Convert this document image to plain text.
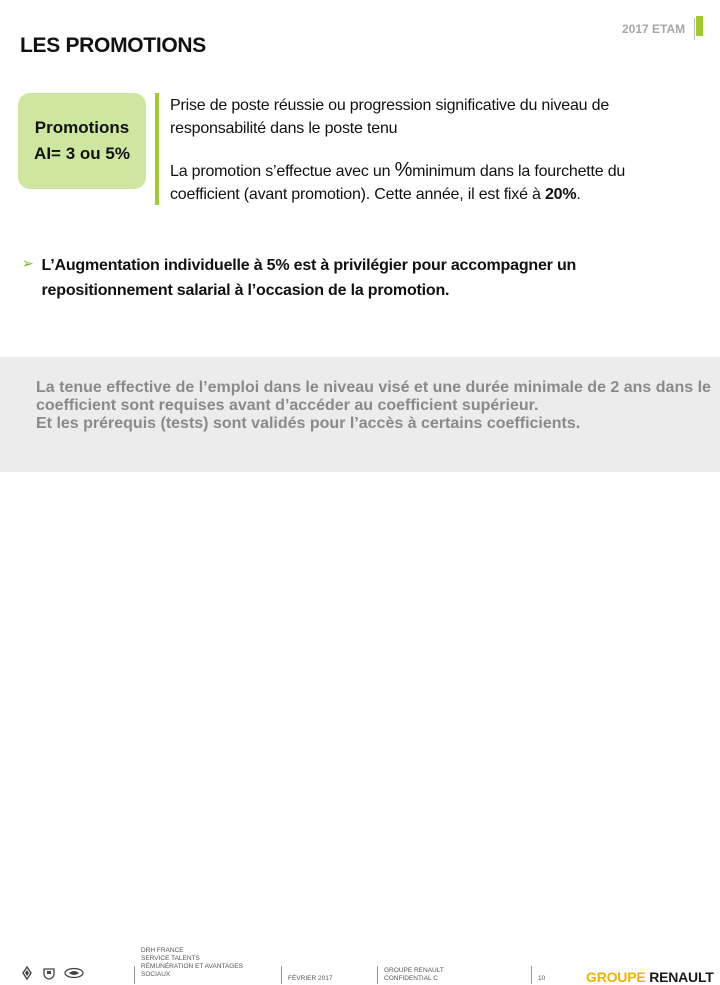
2017 ETAM
LES PROMOTIONS
Promotions
AI= 3 ou 5%
Prise de poste réussie ou progression significative du niveau de responsabilité dans le poste tenu
La promotion s’effectue avec un %minimum dans la fourchette du coefficient (avant promotion). Cette année, il est fixé à 20%.
➢ L’Augmentation individuelle à 5% est à privilégier pour accompagner un repositionnement salarial à l’occasion de la promotion.
La tenue effective de l’emploi dans le niveau visé et une durée minimale de 2 ans dans le coefficient sont requises avant d’accéder au coefficient supérieur.
Et les prérequis (tests) sont validés pour l’accès à certains coefficients.
DRH FRANCE
SERVICE TALENTS
RÉMUNÉRATION ET AVANTAGES
SOCIAUX
FÉVRIER 2017
GROUPE RENAULT
CONFIDENTIAL C	10	GROUPE RENAULT
